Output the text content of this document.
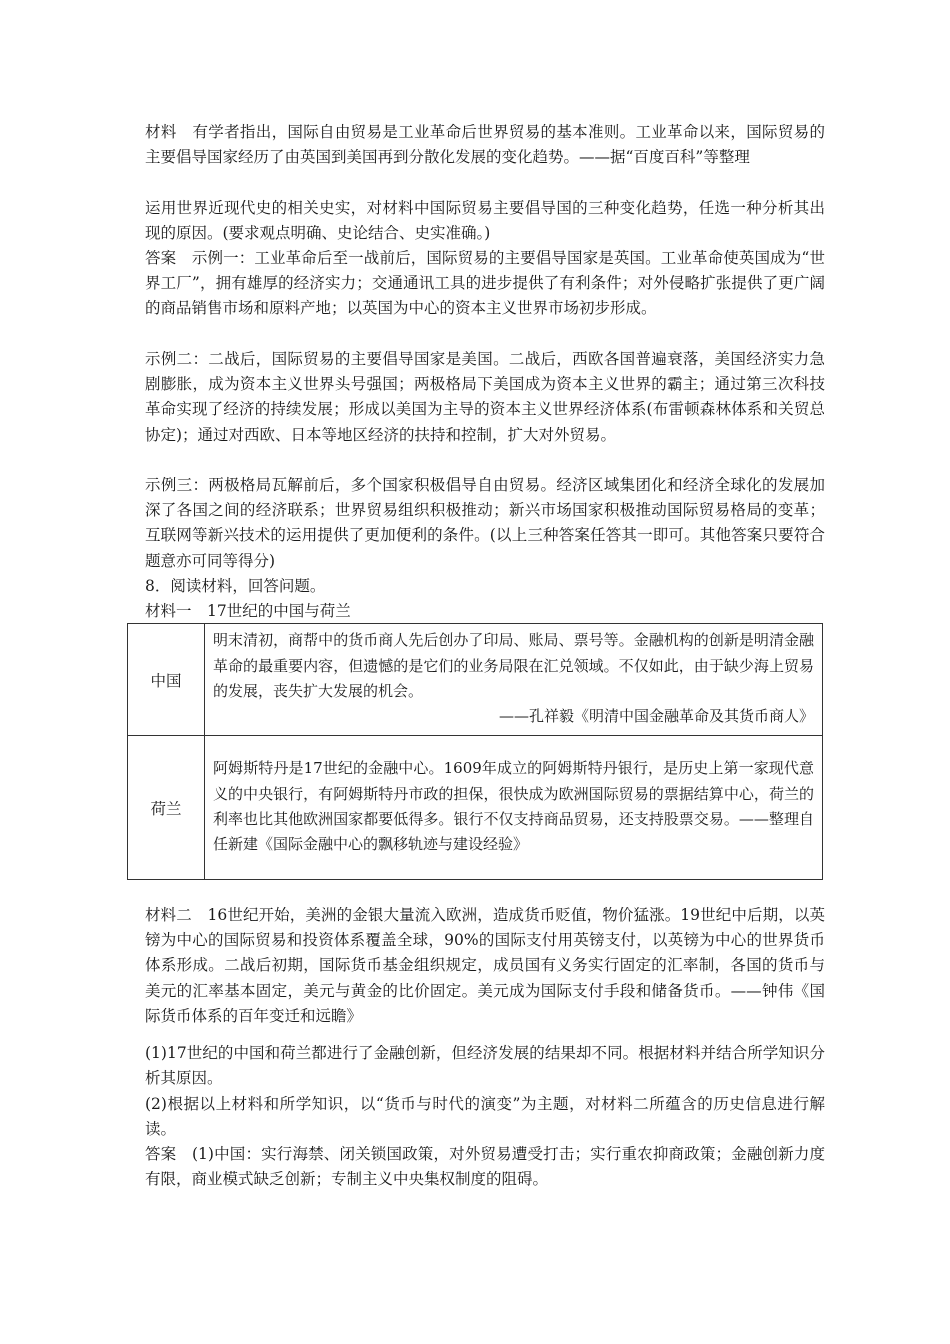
材料　有学者指出，国际自由贸易是工业革命后世界贸易的基本准则。工业革命以来，国际贸易的主要倡导国家经历了由英国到美国再到分散化发展的变化趋势。——据“百度百科”等整理

运用世界近现代史的相关史实，对材料中国际贸易主要倡导国的三种变化趋势，任选一种分析其出现的原因。(要求观点明确、史论结合、史实准确。)

答案　示例一：工业革命后至一战前后，国际贸易的主要倡导国家是英国。工业革命使英国成为“世界工厂”，拥有雄厚的经济实力；交通通讯工具的进步提供了有利条件；对外侵略扩张提供了更广阔的商品销售市场和原料产地；以英国为中心的资本主义世界市场初步形成。

示例二：二战后，国际贸易的主要倡导国家是美国。二战后，西欧各国普遍衰落，美国经济实力急剧膨胀，成为资本主义世界头号强国；两极格局下美国成为资本主义世界的霸主；通过第三次科技革命实现了经济的持续发展；形成以美国为主导的资本主义世界经济体系(布雷顿森林体系和关贸总协定)；通过对西欧、日本等地区经济的扶持和控制，扩大对外贸易。

示例三：两极格局瓦解前后，多个国家积极倡导自由贸易。经济区域集团化和经济全球化的发展加深了各国之间的经济联系；世界贸易组织积极推动；新兴市场国家积极推动国际贸易格局的变革；互联网等新兴技术的运用提供了更加便利的条件。(以上三种答案任答其一即可。其他答案只要符合题意亦可同等得分)

8．阅读材料，回答问题。

材料一　17世纪的中国与荷兰

中国	明末清初，商帮中的货币商人先后创办了印局、账局、票号等。金融机构的创新是明清金融革命的最重要内容，但遗憾的是它们的业务局限在汇兑领域。不仅如此，由于缺少海上贸易的发展，丧失扩大发展的机会。
——孔祥毅《明清中国金融革命及其货币商人》

荷兰	阿姆斯特丹是17世纪的金融中心。1609年成立的阿姆斯特丹银行，是历史上第一家现代意义的中央银行，有阿姆斯特丹市政的担保，很快成为欧洲国际贸易的票据结算中心，荷兰的利率也比其他欧洲国家都要低得多。银行不仅支持商品贸易，还支持股票交易。——整理自任新建《国际金融中心的飘移轨迹与建设经验》

材料二　16世纪开始，美洲的金银大量流入欧洲，造成货币贬值，物价猛涨。19世纪中后期，以英镑为中心的国际贸易和投资体系覆盖全球，90%的国际支付用英镑支付，以英镑为中心的世界货币体系形成。二战后初期，国际货币基金组织规定，成员国有义务实行固定的汇率制，各国的货币与美元的汇率基本固定，美元与黄金的比价固定。美元成为国际支付手段和储备货币。——钟伟《国际货币体系的百年变迁和远瞻》

(1)17世纪的中国和荷兰都进行了金融创新，但经济发展的结果却不同。根据材料并结合所学知识分析其原因。

(2)根据以上材料和所学知识，以“货币与时代的演变”为主题，对材料二所蕴含的历史信息进行解读。

答案　(1)中国：实行海禁、闭关锁国政策，对外贸易遭受打击；实行重农抑商政策；金融创新力度有限，商业模式缺乏创新；专制主义中央集权制度的阻碍。
